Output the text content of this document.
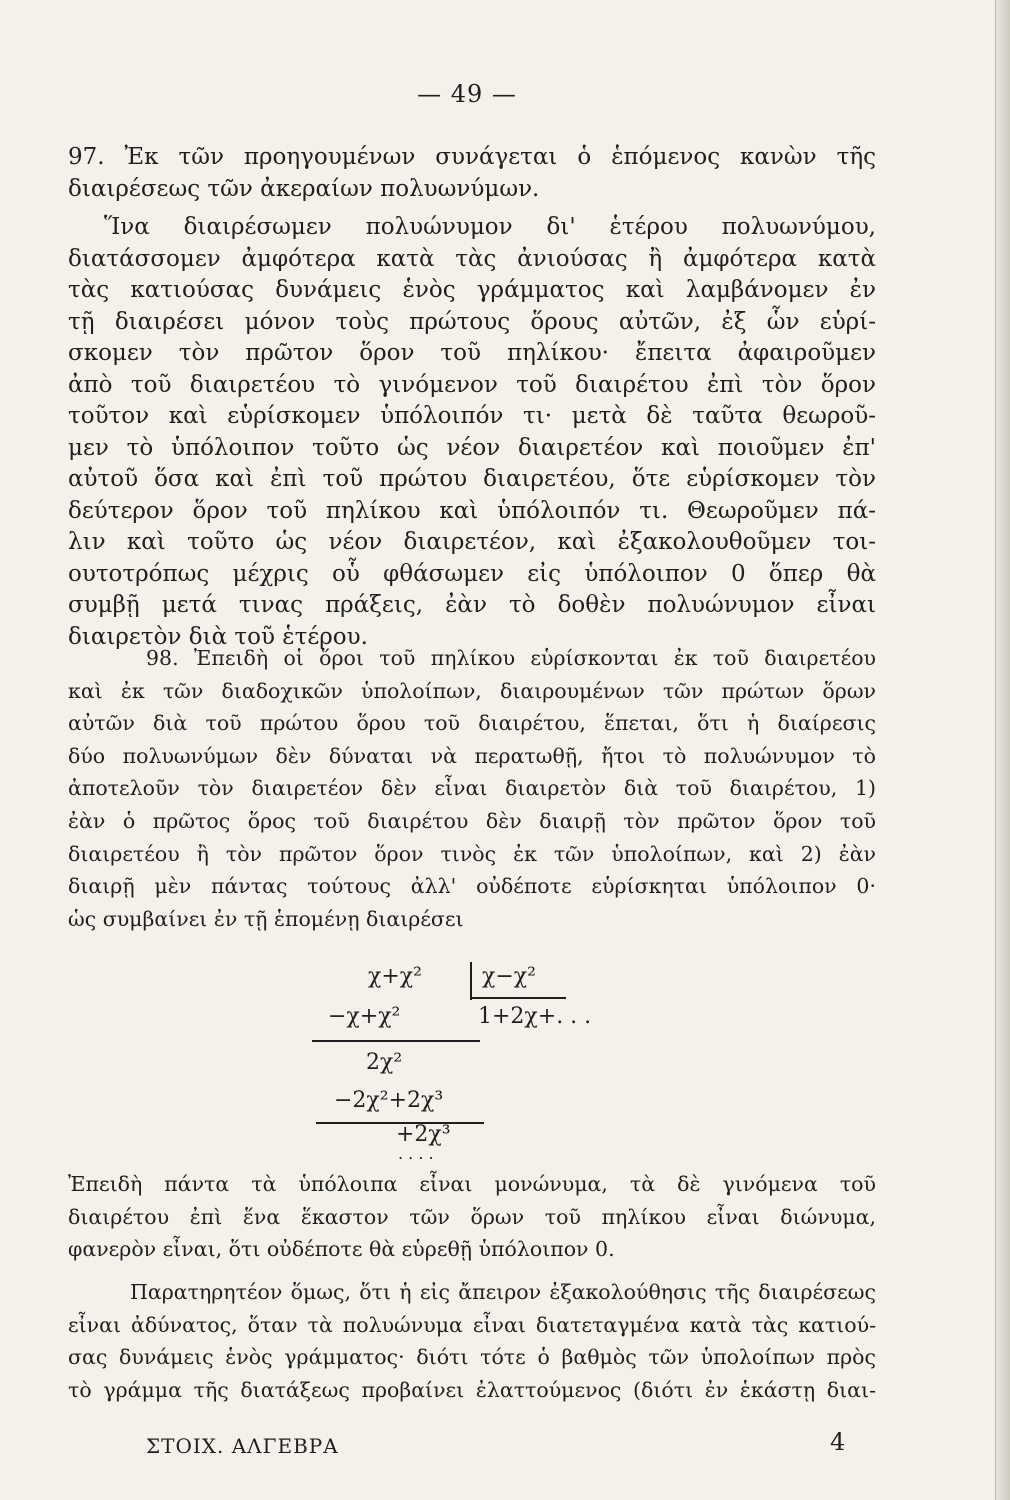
— 49 —
97. Ἐκ τῶν προηγουμένων συνάγεται ὁ ἑπόμενος κανὼν τῆς
διαιρέσεως τῶν ἀκεραίων πολυωνύμων.
Ἵνα διαιρέσωμεν πολυώνυμον δι' ἑτέρου πολυωνύμου,
διατάσσομεν ἀμφότερα κατὰ τὰς ἀνιούσας ἢ ἀμφότερα κατὰ
τὰς κατιούσας δυνάμεις ἑνὸς γράμματος καὶ λαμβάνομεν ἐν
τῇ διαιρέσει μόνον τοὺς πρώτους ὅρους αὐτῶν, ἐξ ὧν εὑρί-
σκομεν τὸν πρῶτον ὅρον τοῦ πηλίκου· ἔπειτα ἀφαιροῦμεν
ἀπὸ τοῦ διαιρετέου τὸ γινόμενον τοῦ διαιρέτου ἐπὶ τὸν ὅρον
τοῦτον καὶ εὑρίσκομεν ὑπόλοιπόν τι· μετὰ δὲ ταῦτα θεωροῦ-
μεν τὸ ὑπόλοιπον τοῦτο ὡς νέον διαιρετέον καὶ ποιοῦμεν ἐπ'
αὐτοῦ ὅσα καὶ ἐπὶ τοῦ πρώτου διαιρετέου, ὅτε εὑρίσκομεν τὸν
δεύτερον ὅρον τοῦ πηλίκου καὶ ὑπόλοιπόν τι. Θεωροῦμεν πά-
λιν καὶ τοῦτο ὡς νέον διαιρετέον, καὶ ἐξακολουθοῦμεν τοι-
ουτοτρόπως μέχρις οὗ φθάσωμεν εἰς ὑπόλοιπον 0 ὅπερ θὰ
συμβῇ μετά τινας πράξεις, ἐὰν τὸ δοθὲν πολυώνυμον εἶναι
διαιρετὸν διὰ τοῦ ἑτέρου.
98. Ἐπειδὴ οἱ ὅροι τοῦ πηλίκου εὑρίσκονται ἐκ τοῦ διαιρετέου
καὶ ἐκ τῶν διαδοχικῶν ὑπολοίπων, διαιρουμένων τῶν πρώτων ὅρων
αὐτῶν διὰ τοῦ πρώτου ὅρου τοῦ διαιρέτου, ἕπεται, ὅτι ἡ διαίρεσις
δύο πολυωνύμων δὲν δύναται νὰ περατωθῇ, ἤτοι τὸ πολυώνυμον τὸ
ἀποτελοῦν τὸν διαιρετέον δὲν εἶναι διαιρετὸν διὰ τοῦ διαιρέτου, 1)
ἐὰν ὁ πρῶτος ὅρος τοῦ διαιρέτου δὲν διαιρῇ τὸν πρῶτον ὅρον τοῦ
διαιρετέου ἢ τὸν πρῶτον ὅρον τινὸς ἐκ τῶν ὑπολοίπων, καὶ 2) ἐὰν
διαιρῇ μὲν πάντας τούτους ἀλλ' οὐδέποτε εὑρίσκηται ὑπόλοιπον 0·
ὡς συμβαίνει ἐν τῇ ἑπομένῃ διαιρέσει
χ+χ²	χ−χ²
−χ+χ²	1+2χ+. . .
2χ²
−2χ²+2χ³
+2χ³
. . . .
Ἐπειδὴ πάντα τὰ ὑπόλοιπα εἶναι μονώνυμα, τὰ δὲ γινόμενα τοῦ
διαιρέτου ἐπὶ ἕνα ἕκαστον τῶν ὅρων τοῦ πηλίκου εἶναι διώνυμα,
φανερὸν εἶναι, ὅτι οὐδέποτε θὰ εὑρεθῇ ὑπόλοιπον 0.
Παρατηρητέον ὅμως, ὅτι ἡ εἰς ἄπειρον ἐξακολούθησις τῆς διαιρέσεως
εἶναι ἀδύνατος, ὅταν τὰ πολυώνυμα εἶναι διατεταγμένα κατὰ τὰς κατιού-
σας δυνάμεις ἑνὸς γράμματος· διότι τότε ὁ βαθμὸς τῶν ὑπολοίπων πρὸς
τὸ γράμμα τῆς διατάξεως προβαίνει ἐλαττούμενος (διότι ἐν ἑκάστῃ διαι-
ΣΤΟΙΧ. ΑΛΓΕΒΡΑ	4
